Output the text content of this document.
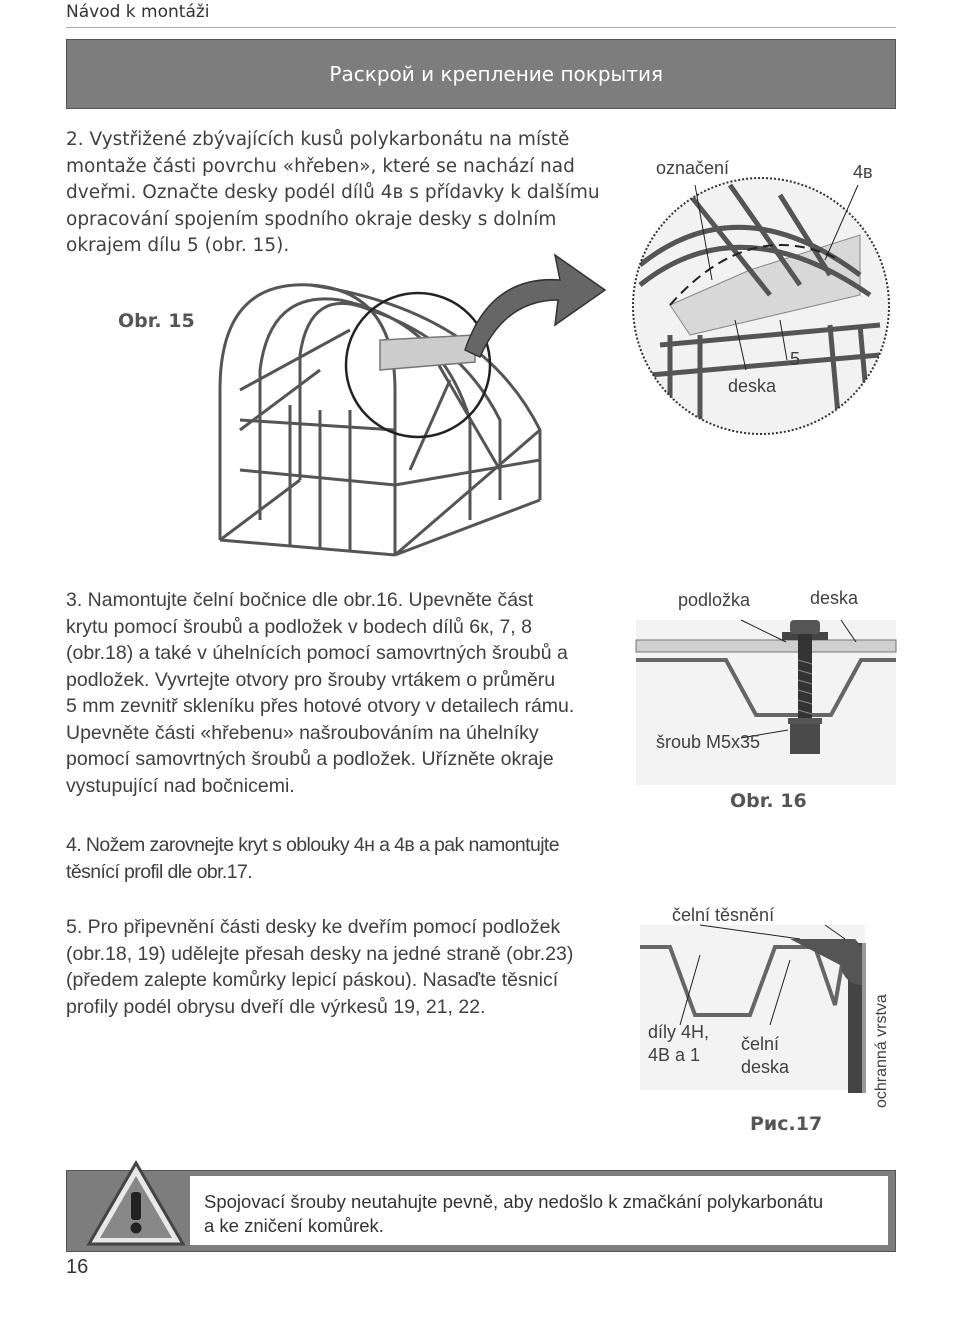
Návod k montáži
Раскрой и крепление покрытия
2. Vystřižené zbývajících kusů polykarbonátu na místě
montaže části povrchu «hřeben», které se nachází nad
dveřmi. Označte desky podél dílů 4в s přídavky k dalšímu
opracování spojením spodního okraje desky s dolním
okrajem dílu 5 (obr. 15).
Obr. 15
označení	4в
5
deska
3. Namontujte čelní bočnice dle obr.16. Upevněte část
krytu pomocí šroubů a podložek v bodech dílů 6к, 7, 8
(obr.18) a také v úhelnících pomocí samovrtných šroubů a
podložek. Vyvrtejte otvory pro šrouby vrtákem o průměru
5 mm zevnitř skleníku přes hotové otvory v detailech rámu.
Upevněte části «hřebenu» našroubováním na úhelníky
pomocí samovrtných šroubů a podložek. Uřízněte okraje
vystupující nad bočnicemi.
podložka	deska
šroub M5x35
Obr. 16
4. Nožem zarovnejte kryt s oblouky 4н a 4в a pak namontujte
těsnící profil dle obr.17.
5. Pro připevnění části desky ke dveřím pomocí podložek
(obr.18, 19) udělejte přesah desky na jedné straně (obr.23)
(předem zalepte komůrky lepicí páskou). Nasaďte těsnicí
profily podél obrysu dveří dle výrkesů 19, 21, 22.
čelní těsnění
díly 4H,
4B a 1
čelní
deska	ochranná vrstva
Рис.17
Spojovací šrouby neutahujte pevně, aby nedošlo k zmačkání polykarbonátu
a ke zničení komůrek.
16
